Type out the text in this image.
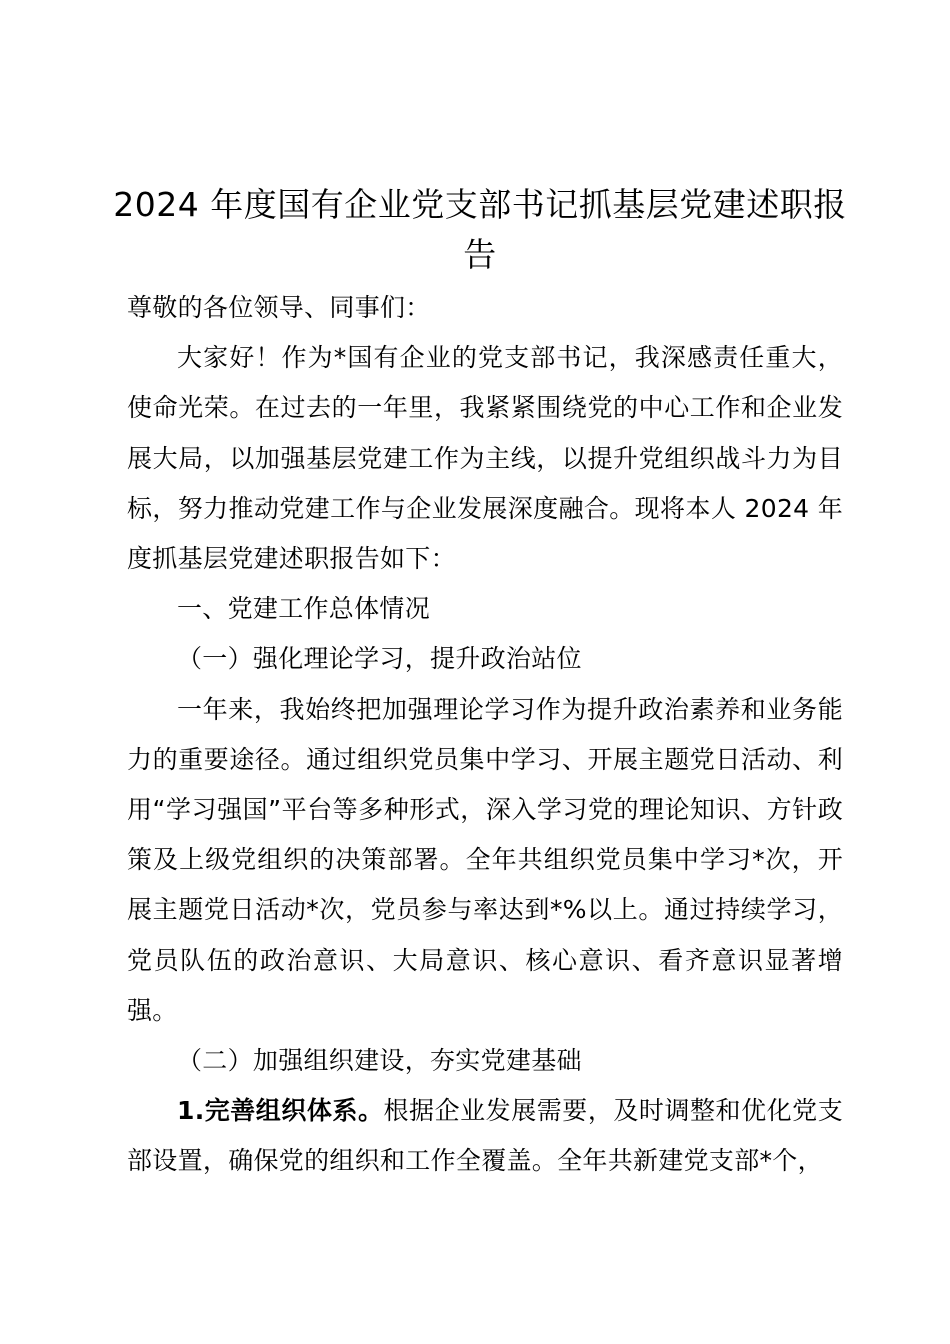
2024 年度国有企业党支部书记抓基层党建述职报告

尊敬的各位领导、同事们：

大家好！作为*国有企业的党支部书记，我深感责任重大，使命光荣。在过去的一年里，我紧紧围绕党的中心工作和企业发展大局，以加强基层党建工作为主线，以提升党组织战斗力为目标，努力推动党建工作与企业发展深度融合。现将本人 2024 年度抓基层党建述职报告如下：

一、党建工作总体情况

（一）强化理论学习，提升政治站位

一年来，我始终把加强理论学习作为提升政治素养和业务能力的重要途径。通过组织党员集中学习、开展主题党日活动、利用“学习强国”平台等多种形式，深入学习党的理论知识、方针政策及上级党组织的决策部署。全年共组织党员集中学习*次，开展主题党日活动*次，党员参与率达到*%以上。通过持续学习，党员队伍的政治意识、大局意识、核心意识、看齐意识显著增强。

（二）加强组织建设，夯实党建基础

1.完善组织体系。根据企业发展需要，及时调整和优化党支部设置，确保党的组织和工作全覆盖。全年共新建党支部*个，
